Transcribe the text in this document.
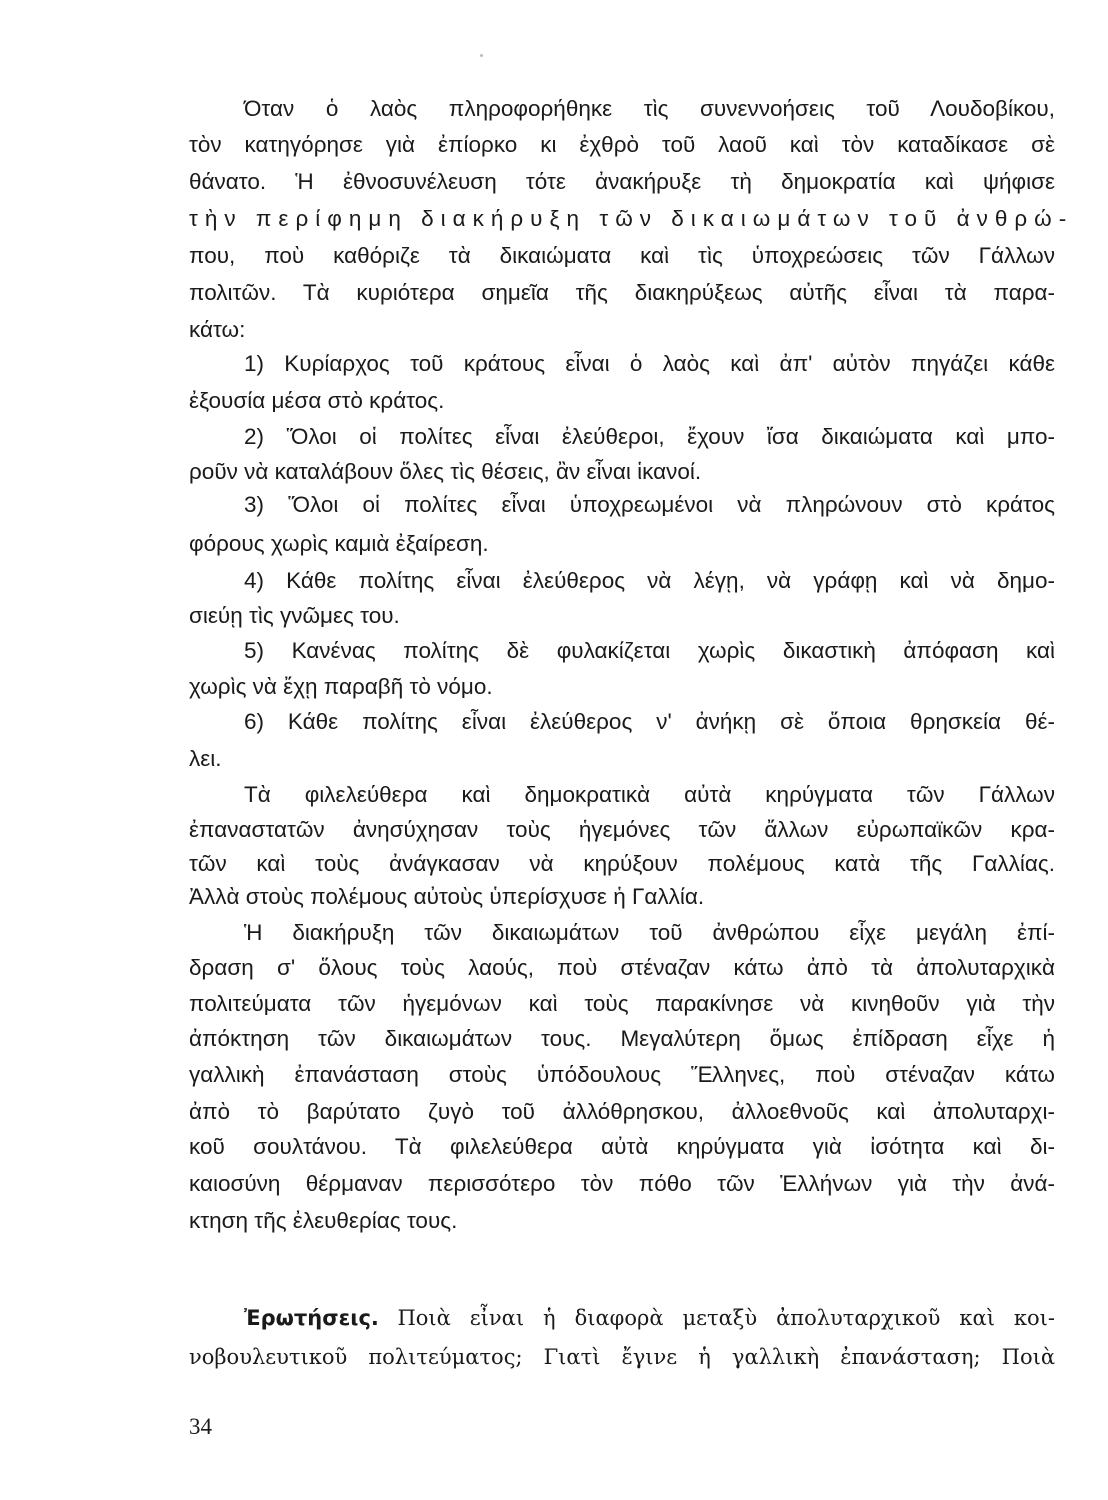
Όταν ὁ λαὸς πληροφορήθηκε τὶς συνεννοήσεις τοῦ Λουδοβίκου,
τὸν κατηγόρησε γιὰ ἐπίορκο κι ἐχθρὸ τοῦ λαοῦ καὶ τὸν καταδίκασε σὲ
θάνατο. Ἡ ἐθνοσυνέλευση τότε ἀνακήρυξε τὴ δημοκρατία καὶ ψήφισε
τὴν περίφημη διακήρυξη τῶν δικαιωμάτων τοῦ ἀνθρώ-
που, ποὺ καθόριζε τὰ δικαιώματα καὶ τὶς ὑποχρεώσεις τῶν Γάλλων
πολιτῶν. Τὰ κυριότερα σημεῖα τῆς διακηρύξεως αὐτῆς εἶναι τὰ παρα-
κάτω:
1) Κυρίαρχος τοῦ κράτους εἶναι ὁ λαὸς καὶ ἀπ' αὐτὸν πηγάζει κάθε
ἐξουσία μέσα στὸ κράτος.
2) Ὅλοι οἱ πολίτες εἶναι ἐλεύθεροι, ἔχουν ἴσα δικαιώματα καὶ μπο-
ροῦν νὰ καταλάβουν ὅλες τὶς θέσεις, ἂν εἶναι ἱκανοί.
3) Ὅλοι οἱ πολίτες εἶναι ὑποχρεωμένοι νὰ πληρώνουν στὸ κράτος
φόρους χωρὶς καμιὰ ἐξαίρεση.
4) Κάθε πολίτης εἶναι ἐλεύθερος νὰ λέγῃ, νὰ γράφῃ καὶ νὰ δημο-
σιεύῃ τὶς γνῶμες του.
5) Κανένας πολίτης δὲ φυλακίζεται χωρὶς δικαστικὴ ἀπόφαση καὶ
χωρὶς νὰ ἔχῃ παραβῆ τὸ νόμο.
6) Κάθε πολίτης εἶναι ἐλεύθερος ν' ἀνήκῃ σὲ ὅποια θρησκεία θέ-
λει.
Τὰ φιλελεύθερα καὶ δημοκρατικὰ αὐτὰ κηρύγματα τῶν Γάλλων
ἐπαναστατῶν ἀνησύχησαν τοὺς ἡγεμόνες τῶν ἄλλων εὐρωπαϊκῶν κρα-
τῶν καὶ τοὺς ἀνάγκασαν νὰ κηρύξουν πολέμους κατὰ τῆς Γαλλίας.
Ἀλλὰ στοὺς πολέμους αὐτοὺς ὑπερίσχυσε ἡ Γαλλία.
Ἡ διακήρυξη τῶν δικαιωμάτων τοῦ ἀνθρώπου εἶχε μεγάλη ἐπί-
δραση σ' ὅλους τοὺς λαούς, ποὺ στέναζαν κάτω ἀπὸ τὰ ἀπολυταρχικὰ
πολιτεύματα τῶν ἡγεμόνων καὶ τοὺς παρακίνησε νὰ κινηθοῦν γιὰ τὴν
ἀπόκτηση τῶν δικαιωμάτων τους. Μεγαλύτερη ὅμως ἐπίδραση εἶχε ἡ
γαλλικὴ ἐπανάσταση στοὺς ὑπόδουλους Ἕλληνες, ποὺ στέναζαν κάτω
ἀπὸ τὸ βαρύτατο ζυγὸ τοῦ ἀλλόθρησκου, ἀλλοεθνοῦς καὶ ἀπολυταρχι-
κοῦ σουλτάνου. Τὰ φιλελεύθερα αὐτὰ κηρύγματα γιὰ ἰσότητα καὶ δι-
καιοσύνη θέρμαναν περισσότερο τὸν πόθο τῶν Ἑλλήνων γιὰ τὴν ἀνά-
κτηση τῆς ἐλευθερίας τους.
Ἐρωτήσεις. Ποιὰ εἶναι ἡ διαφορὰ μεταξὺ ἀπολυταρχικοῦ καὶ κοι-
νοβουλευτικοῦ πολιτεύματος; Γιατὶ ἔγινε ἡ γαλλικὴ ἐπανάσταση; Ποιὰ
34
